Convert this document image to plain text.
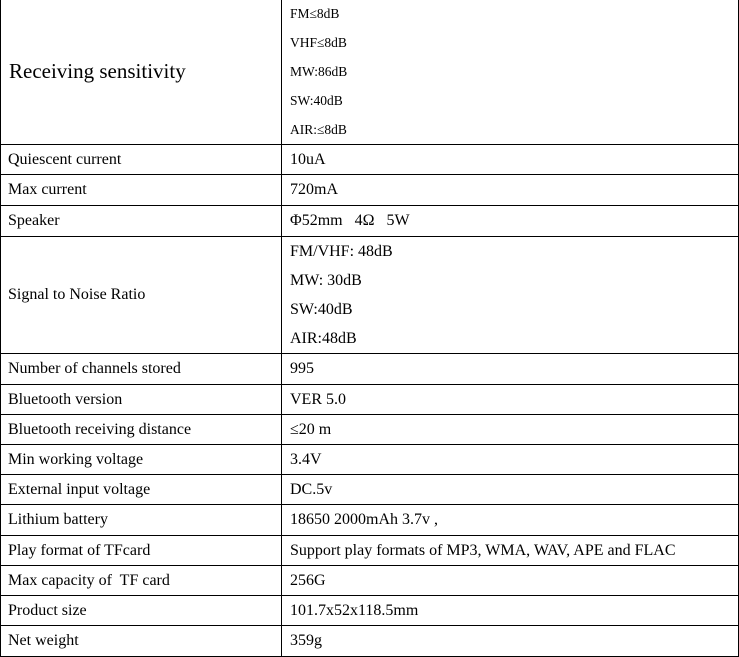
Receiving sensitivity	FM≤8dB
VHF≤8dB
MW:86dB
SW:40dB
AIR:≤8dB

Quiescent current	10uA
Max current	720mA
Speaker	Φ52mm   4Ω   5W
Signal to Noise Ratio	FM/VHF: 48dB
MW: 30dB
SW:40dB
AIR:48dB

Number of channels stored	995
Bluetooth version	VER 5.0
Bluetooth receiving distance	≤20 m
Min working voltage	3.4V
External input voltage	DC.5v
Lithium battery	18650 2000mAh 3.7v ,
Play format of TFcard	Support play formats of MP3, WMA, WAV, APE and FLAC
Max capacity of  TF card	256G
Product size	101.7x52x118.5mm
Net weight	359g
